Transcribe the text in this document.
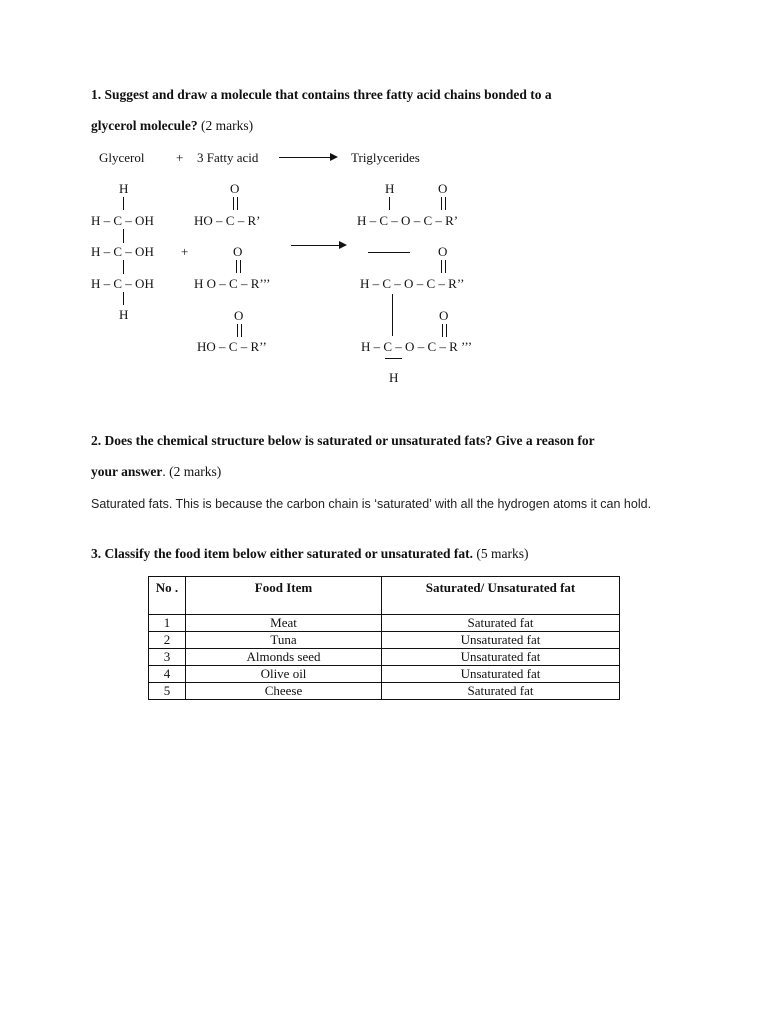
1. Suggest and draw a molecule that contains three fatty acid chains bonded to a
glycerol molecule? (2 marks)
Glycerol + 3 Fatty acid	Triglycerides
H
H – C – OH
H – C – OH
H – C – OH
H
+
O
HO – C – R’
O
H O – C – R’’’
O
HO – C – R’’
H	O
H – C – O – C – R’
O
H – C – O – C – R’’
O
H – C – O – C – R ’’’
H
2. Does the chemical structure below is saturated or unsaturated fats? Give a reason for
your answer. (2 marks)
Saturated fats. This is because the carbon chain is ‘saturated’ with all the hydrogen atoms it can hold.
3. Classify the food item below either saturated or unsaturated fat. (5 marks)
No .	Food Item	Saturated/ Unsaturated fat
1	Meat	Saturated fat
2	Tuna	Unsaturated fat
3	Almonds seed	Unsaturated fat
4	Olive oil	Unsaturated fat
5	Cheese	Saturated fat
